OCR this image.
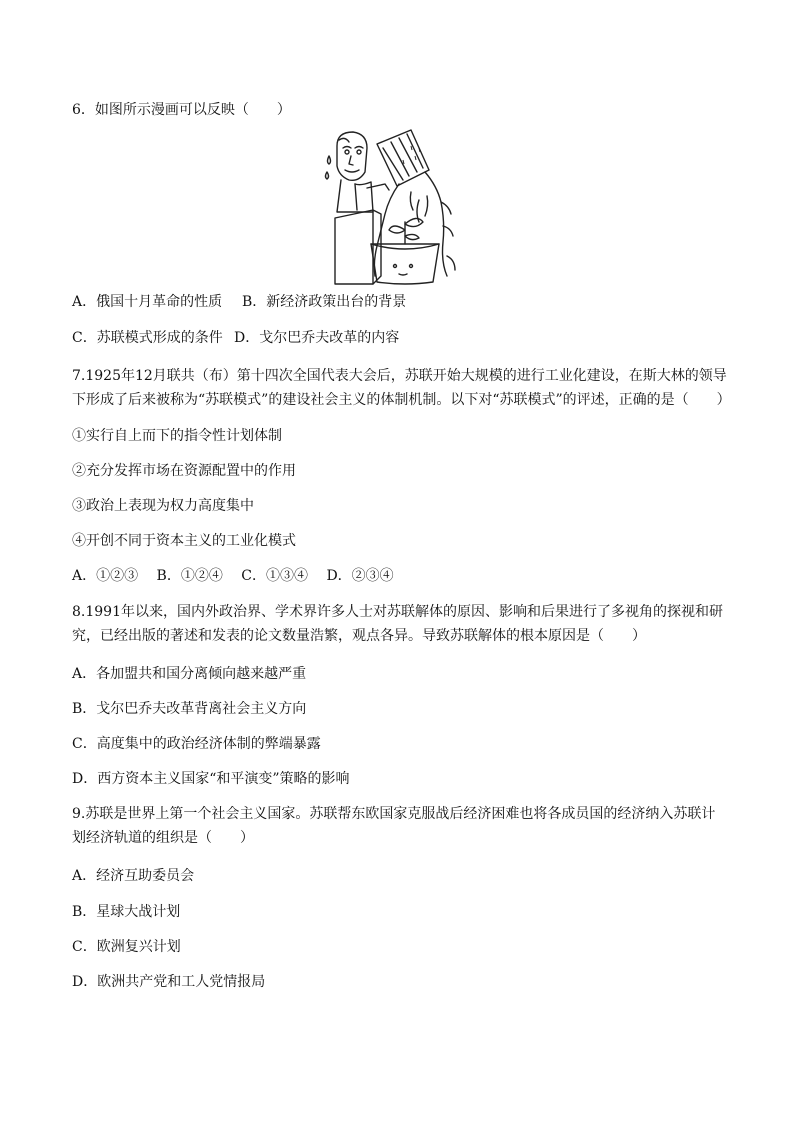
6．如图所示漫画可以反映（　　）
A．俄国十月革命的性质 B．新经济政策出台的背景
C．苏联模式形成的条件 D．戈尔巴乔夫改革的内容
7.1925年12月联共（布）第十四次全国代表大会后，苏联开始大规模的进行工业化建设，在斯大林的领导下形成了后来被称为“苏联模式”的建设社会主义的体制机制。以下对“苏联模式”的评述，正确的是（　　）
①实行自上而下的指令性计划体制
②充分发挥市场在资源配置中的作用
③政治上表现为权力高度集中
④开创不同于资本主义的工业化模式
A．①②③　 B．①②④　 C．①③④　 D．②③④
8.1991年以来，国内外政治界、学术界许多人士对苏联解体的原因、影响和后果进行了多视角的探视和研究，已经出版的著述和发表的论文数量浩繁，观点各异。导致苏联解体的根本原因是（　　）
A．各加盟共和国分离倾向越来越严重
B．戈尔巴乔夫改革背离社会主义方向
C．高度集中的政治经济体制的弊端暴露
D．西方资本主义国家“和平演变”策略的影响
9.苏联是世界上第一个社会主义国家。苏联帮东欧国家克服战后经济困难也将各成员国的经济纳入苏联计划经济轨道的组织是（　　）
A．经济互助委员会
B．星球大战计划
C．欧洲复兴计划
D．欧洲共产党和工人党情报局
